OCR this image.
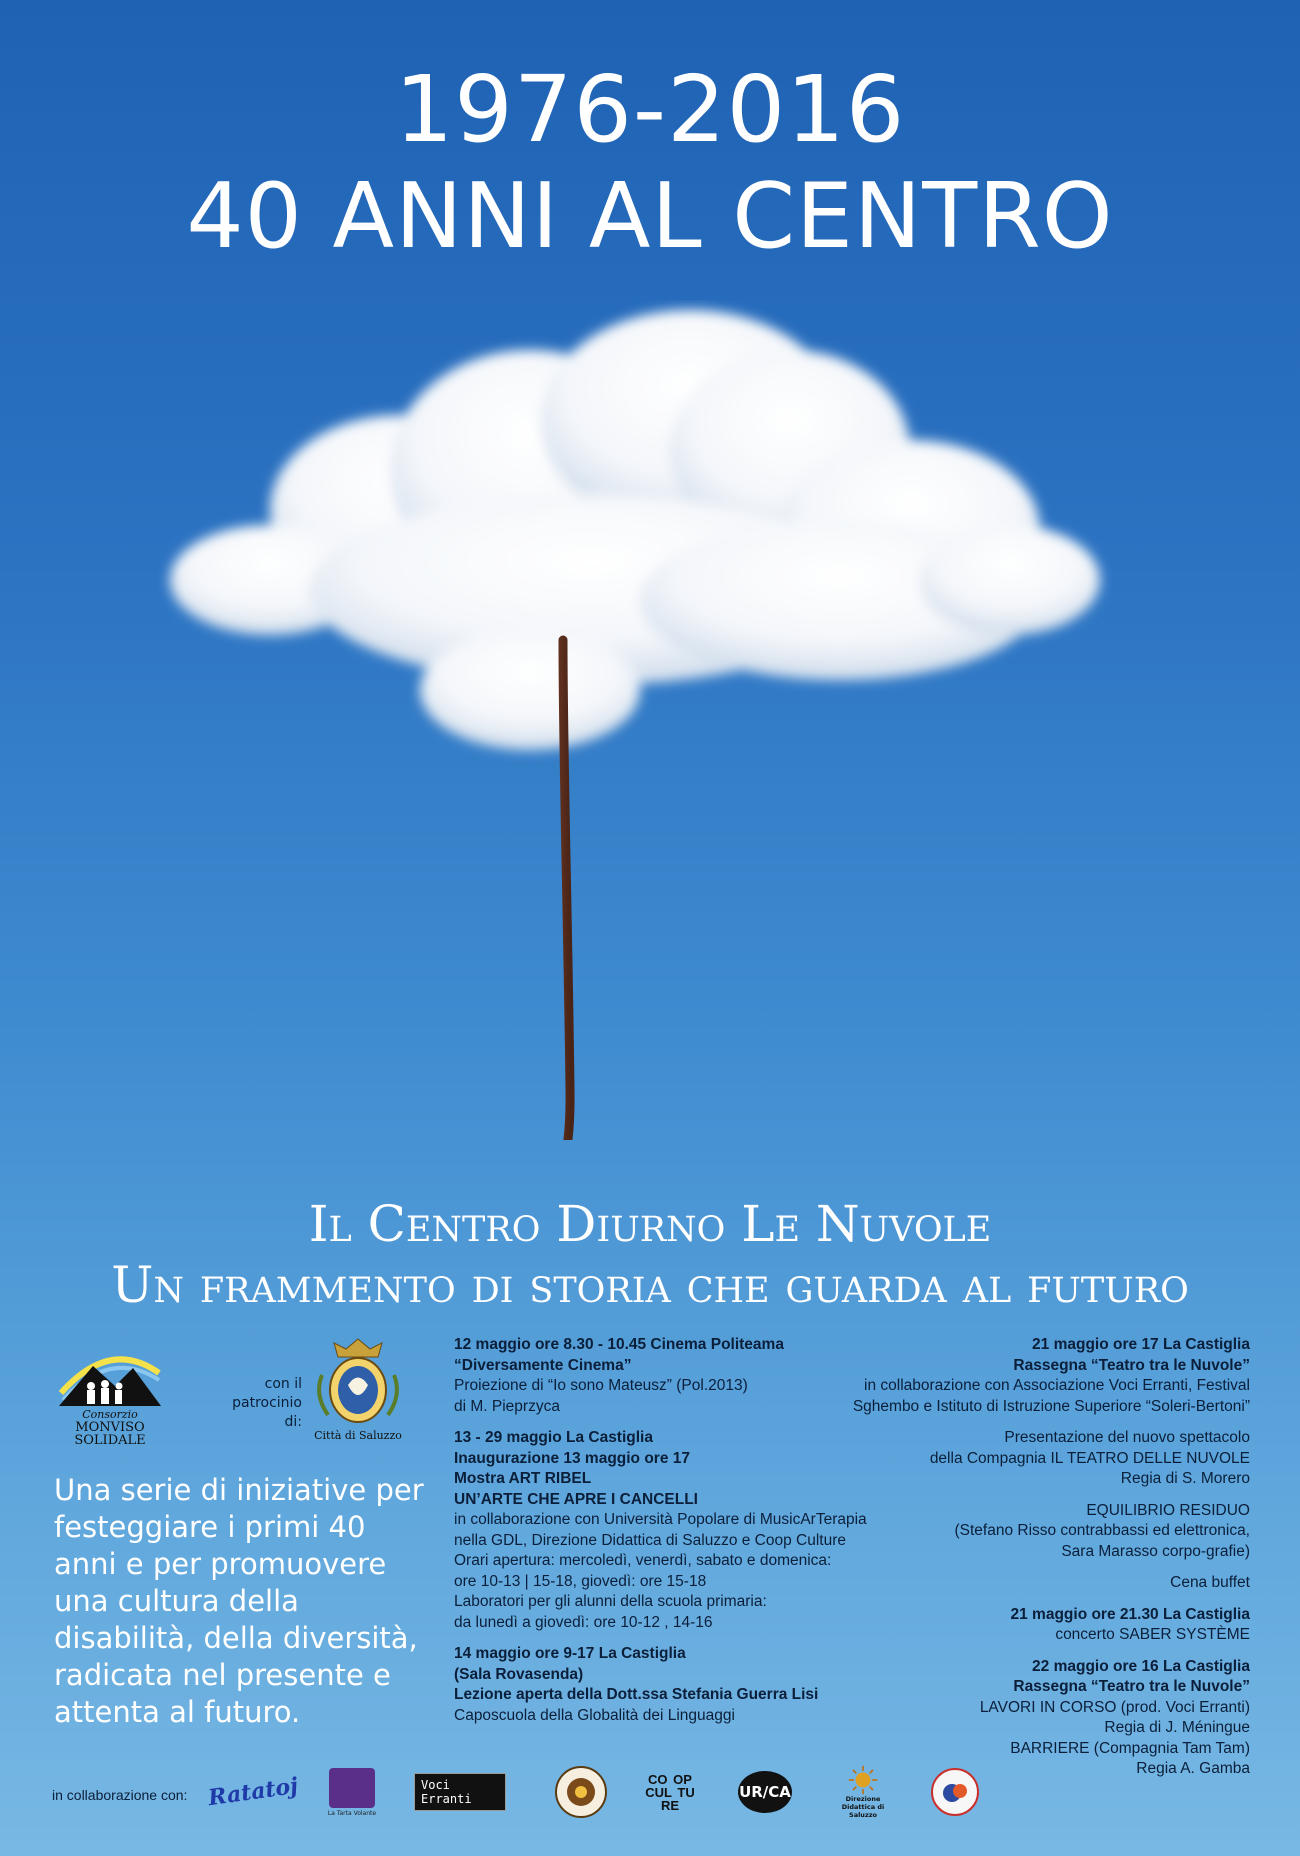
1976-2016
40 ANNI AL CENTRO
Il Centro Diurno Le Nuvole
Un frammento di storia che guarda al futuro
Consorzio
MONVISO
SOLIDALE
con il patrocinio di:
Città di Saluzzo
Una serie di iniziative per festeggiare i primi 40 anni e per promuovere una cultura della disabilità, della diversità, radicata nel presente e attenta al futuro.
12 maggio ore 8.30 - 10.45 Cinema Politeama
“Diversamente Cinema”
Proiezione di “Io sono Mateusz” (Pol.2013)
di M. Pieprzyca
13 - 29 maggio La Castiglia
Inaugurazione 13 maggio ore 17
Mostra ART RIBEL
UN’ARTE CHE APRE I CANCELLI
in collaborazione con Università Popolare di MusicArTerapia
nella GDL, Direzione Didattica di Saluzzo e Coop Culture
Orari apertura: mercoledì, venerdì, sabato e domenica:
ore 10-13 | 15-18, giovedì: ore 15-18
Laboratori per gli alunni della scuola primaria:
da lunedì a giovedì: ore 10-12 , 14-16
14 maggio ore 9-17 La Castiglia
(Sala Rovasenda)
Lezione aperta della Dott.ssa Stefania Guerra Lisi
Caposcuola della Globalità dei Linguaggi
21 maggio ore 17 La Castiglia
Rassegna “Teatro tra le Nuvole”
in collaborazione con Associazione Voci Erranti, Festival
Sghembo e Istituto di Istruzione Superiore “Soleri-Bertoni”
Presentazione del nuovo spettacolo
della Compagnia IL TEATRO DELLE NUVOLE
Regia di S. Morero
EQUILIBRIO RESIDUO
(Stefano Risso contrabbassi ed elettronica,
Sara Marasso corpo-grafie)
Cena buffet
21 maggio ore 21.30 La Castiglia
concerto SABER SYSTÈME
22 maggio ore 16 La Castiglia
Rassegna “Teatro tra le Nuvole”
LAVORI IN CORSO (prod. Voci Erranti)
Regia di J. Méningue
BARRIERE (Compagnia Tam Tam)
Regia A. Gamba
in collaborazione con: Ratatoj
La Tarta Volante
Voci Erranti
CO OP CUL TU RE
UR/CA	Direzione Didattica di Saluzzo
